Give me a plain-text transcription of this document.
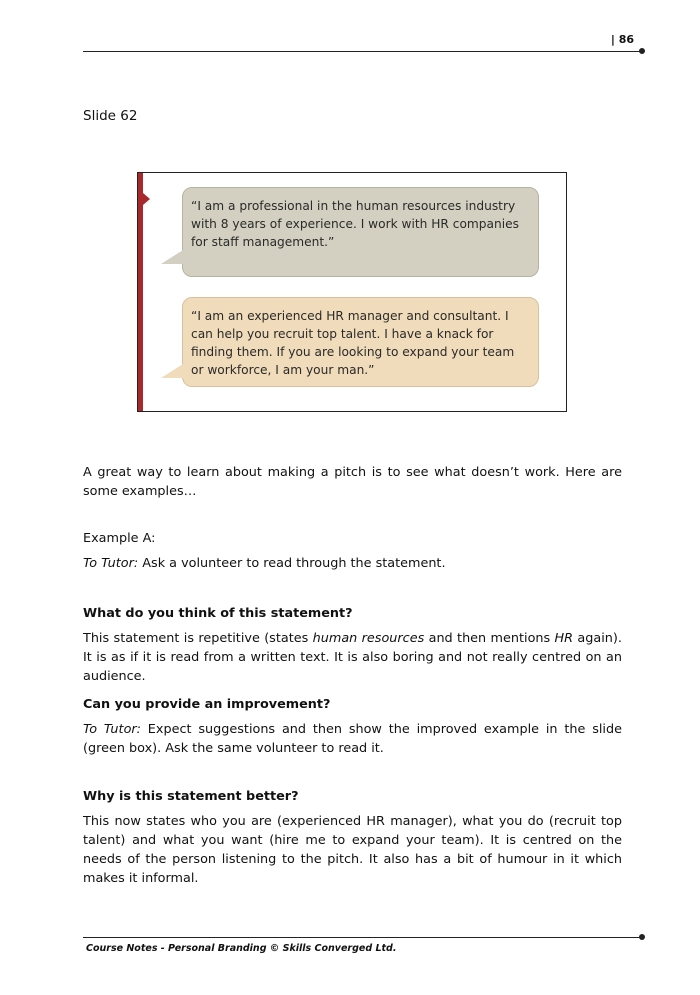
| 86
Slide 62
“I am a professional in the human resources industry with 8 years of experience. I work with HR companies for staff management.”
“I am an experienced HR manager and consultant. I can help you recruit top talent. I have a knack for finding them. If you are looking to expand your team or workforce, I am your man.”

A great way to learn about making a pitch is to see what doesn’t work. Here are some examples…

Example A:

To Tutor: Ask a volunteer to read through the statement.

What do you think of this statement?

This statement is repetitive (states human resources and then mentions HR again). It is as if it is read from a written text. It is also boring and not really centred on an audience.

Can you provide an improvement?

To Tutor: Expect suggestions and then show the improved example in the slide (green box). Ask the same volunteer to read it.

Why is this statement better?

This now states who you are (experienced HR manager), what you do (recruit top talent) and what you want (hire me to expand your team). It is centred on the needs of the person listening to the pitch. It also has a bit of humour in it which makes it informal.

Course Notes - Personal Branding © Skills Converged Ltd.
